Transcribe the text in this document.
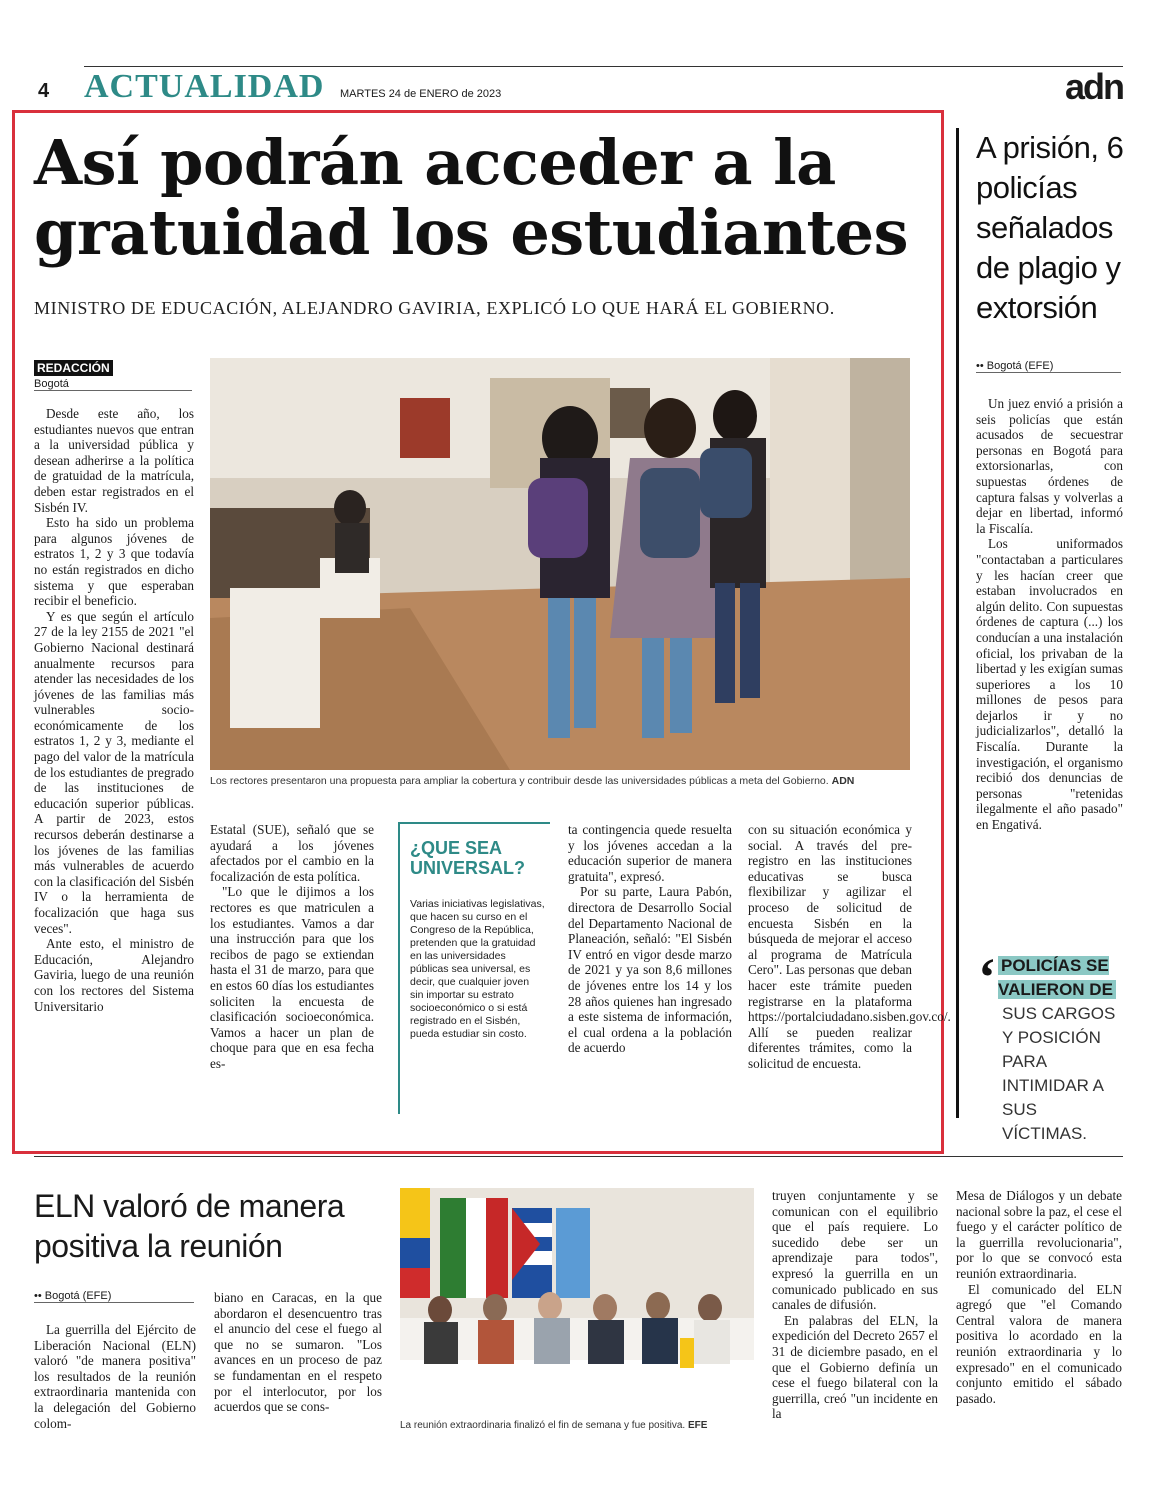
4 ACTUALIDAD MARTES 24 de ENERO de 2023	adn
Así podrán acceder a la gratuidad los estudiantes
MINISTRO DE EDUCACIÓN, ALEJANDRO GAVIRIA, EXPLICÓ LO QUE HARÁ EL GOBIERNO.
REDACCIÓN
Bogotá

Desde este año, los estudiantes nuevos que entran a la universidad pública y desean adherirse a la política de gratuidad de la matrícula, deben estar registrados en el Sisbén IV.

Esto ha sido un problema para algunos jóvenes de estratos 1, 2 y 3 que todavía no están registrados en dicho sistema y que esperaban recibir el beneficio.

Y es que según el artículo 27 de la ley 2155 de 2021 "el Gobierno Nacional destinará anualmente recursos para atender las necesidades de los jóvenes de las familias más vulnerables socio-económicamente de los estratos 1, 2 y 3, mediante el pago del valor de la matrícula de los estudiantes de pregrado de las instituciones de educación superior públicas. A partir de 2023, estos recursos deberán destinarse a los jóvenes de las familias más vulnerables de acuerdo con la clasificación del Sisbén IV o la herramienta de focalización que haga sus veces".

Ante esto, el ministro de Educación, Alejandro Gaviria, luego de una reunión con los rectores del Sistema Universitario

Los rectores presentaron una propuesta para ampliar la cobertura y contribuir desde las universidades públicas a meta del Gobierno. ADN

Estatal (SUE), señaló que se ayudará a los jóvenes afectados por el cambio en la focalización de esta política.

"Lo que le dijimos a los rectores es que matriculen a los estudiantes. Vamos a dar una instrucción para que los recibos de pago se extiendan hasta el 31 de marzo, para que en estos 60 días los estudiantes soliciten la encuesta de clasificación socioeconómica. Vamos a hacer un plan de choque para que en esa fecha es-

¿QUE SEA UNIVERSAL?
Varias iniciativas legislativas, que hacen su curso en el Congreso de la República, pretenden que la gratuidad en las universidades públicas sea universal, es decir, que cualquier joven sin importar su estrato socioeconómico o si está registrado en el Sisbén, pueda estudiar sin costo.

ta contingencia quede resuelta y los jóvenes accedan a la educación superior de manera gratuita", expresó.

Por su parte, Laura Pabón, directora de Desarrollo Social del Departamento Nacional de Planeación, señaló: "El Sisbén IV entró en vigor desde marzo de 2021 y ya son 8,6 millones de jóvenes entre los 14 y los 28 años quienes han ingresado a este sistema de información, el cual ordena a la población de acuerdo

con su situación económica y social. A través del pre-registro en las instituciones educativas se busca flexibilizar y agilizar el proceso de solicitud de encuesta Sisbén en la búsqueda de mejorar el acceso al programa de Matrícula Cero". Las personas que deban hacer este trámite pueden registrarse en la plataforma https://portalciudadano.sisben.gov.co/. Allí se pueden realizar diferentes trámites, como la solicitud de encuesta.

A prisión, 6 policías señalados de plagio y extorsión
•• Bogotá (EFE)

Un juez envió a prisión a seis policías que están acusados de secuestrar personas en Bogotá para extorsionarlas, con supuestas órdenes de captura falsas y volverlas a dejar en libertad, informó la Fiscalía.

Los uniformados "contactaban a particulares y les hacían creer que estaban involucrados en algún delito. Con supuestas órdenes de captura (...) los conducían a una instalación oficial, los privaban de la libertad y les exigían sumas superiores a los 10 millones de pesos para dejarlos ir y no judicializarlos", detalló la Fiscalía. Durante la investigación, el organismo recibió dos denuncias de personas "retenidas ilegalmente el año pasado" en Engativá.

‘ POLICÍAS SE VALIERON DE
SUS CARGOS Y POSICIÓN PARA INTIMIDAR A SUS VÍCTIMAS.
ELN valoró de manera positiva la reunión
•• Bogotá (EFE)

La guerrilla del Ejército de Liberación Nacional (ELN) valoró "de manera positiva" los resultados de la reunión extraordinaria mantenida con la delegación del Gobierno colom-

biano en Caracas, en la que abordaron el desencuentro tras el anuncio del cese el fuego al que no se sumaron. "Los avances en un proceso de paz se fundamentan en el respeto por el interlocutor, por los acuerdos que se cons-

La reunión extraordinaria finalizó el fin de semana y fue positiva. EFE

truyen conjuntamente y se comunican con el equilibrio que el país requiere. Lo sucedido debe ser un aprendizaje para todos", expresó la guerrilla en un comunicado publicado en sus canales de difusión.

En palabras del ELN, la expedición del Decreto 2657 el 31 de diciembre pasado, en el que el Gobierno definía un cese el fuego bilateral con la guerrilla, creó "un incidente en la

Mesa de Diálogos y un debate nacional sobre la paz, el cese el fuego y el carácter político de la guerrilla revolucionaria", por lo que se convocó esta reunión extraordinaria.

El comunicado del ELN agregó que "el Comando Central valora de manera positiva lo acordado en la reunión extraordinaria y lo expresado" en el comunicado conjunto emitido el sábado pasado.
